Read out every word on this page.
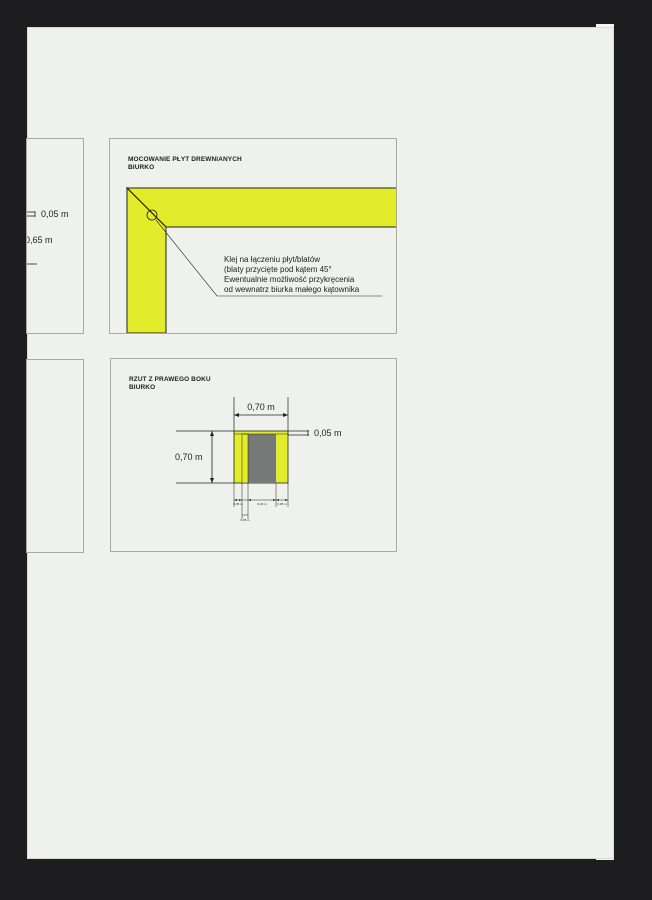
0,05 m
0,65 m
MOCOWANIE PŁYT DREWNIANYCH
BIURKO
Klej na łączeniu płyt/blatów
(blaty przycięte pod kątem 45°
Ewentualnie możliwość przykręcenia
od wewnatrz biurka małego kątownika
RZUT Z PRAWEGO BOKU
BIURKO
0,70 m
0,70 m
0,05 m
0,05 m	0,30 m	0,05 m
0,05 m
